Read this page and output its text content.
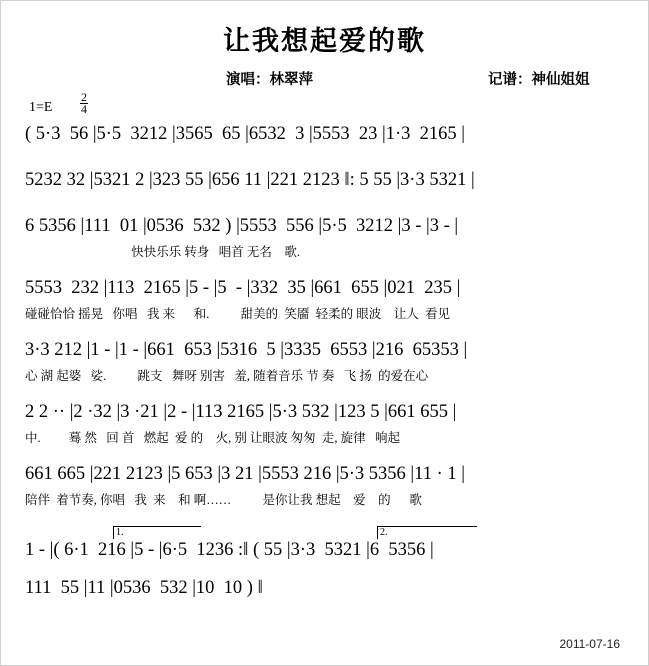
让我想起爱的歌
演唱：林翠萍	记谱：神仙姐姐
$1=E \frac{2}{4}$
( 5·3  56 |5·5  3212 |3565  65 |6532  3 |5553  23 |1·3  2165 |
5232 32 |5321 2 |323 55 |656 11 |221 2123 ‖: 5 55 |3·3 5321 |
6 5356 |111  01 |0536  532 ) |5553  556 |5·5  3212 |3 - |3 - |
快快乐乐 转身   唱首 无名    歌.
5553  232 |113  2165 |5 - |5  - |332  35 |661  655 |021  235 |
碰碰恰恰 摇晃   你唱   我 来      和.          甜美的  笑靥  轻柔的 眼波    让人  看见
3·3 212 |1 - |1 - |661  653 |5316  5 |3335  6553 |216  65353 |
心 湖 起婆   娑.          跳支   舞呀 别害   羞, 随着音乐 节 奏   飞 扬  的爱在心
2 2 ·· |2 ·32 |3 ·21 |2 - |113 2165 |5·3 532 |123 5 |661 655 |
中.         蓦 然   回 首   燃起  爱 的    火, 别 让眼波 匆匆  走, 旋律   响起
661 665 |221 2123 |5 653 |3 21 |5553 216 |5·3 5356 |11 · 1 |
陪伴  着节奏, 你唱   我  来    和 啊……          是你让我 想起    爱    的      歌
1.	2.
1 - |( 6·1  216 |5 - |6·5  1236 :‖ ( 55 |3·3  5321 |6  5356 |
111  55 |11 |0536  532 |10  10 ) ‖
2011-07-16
